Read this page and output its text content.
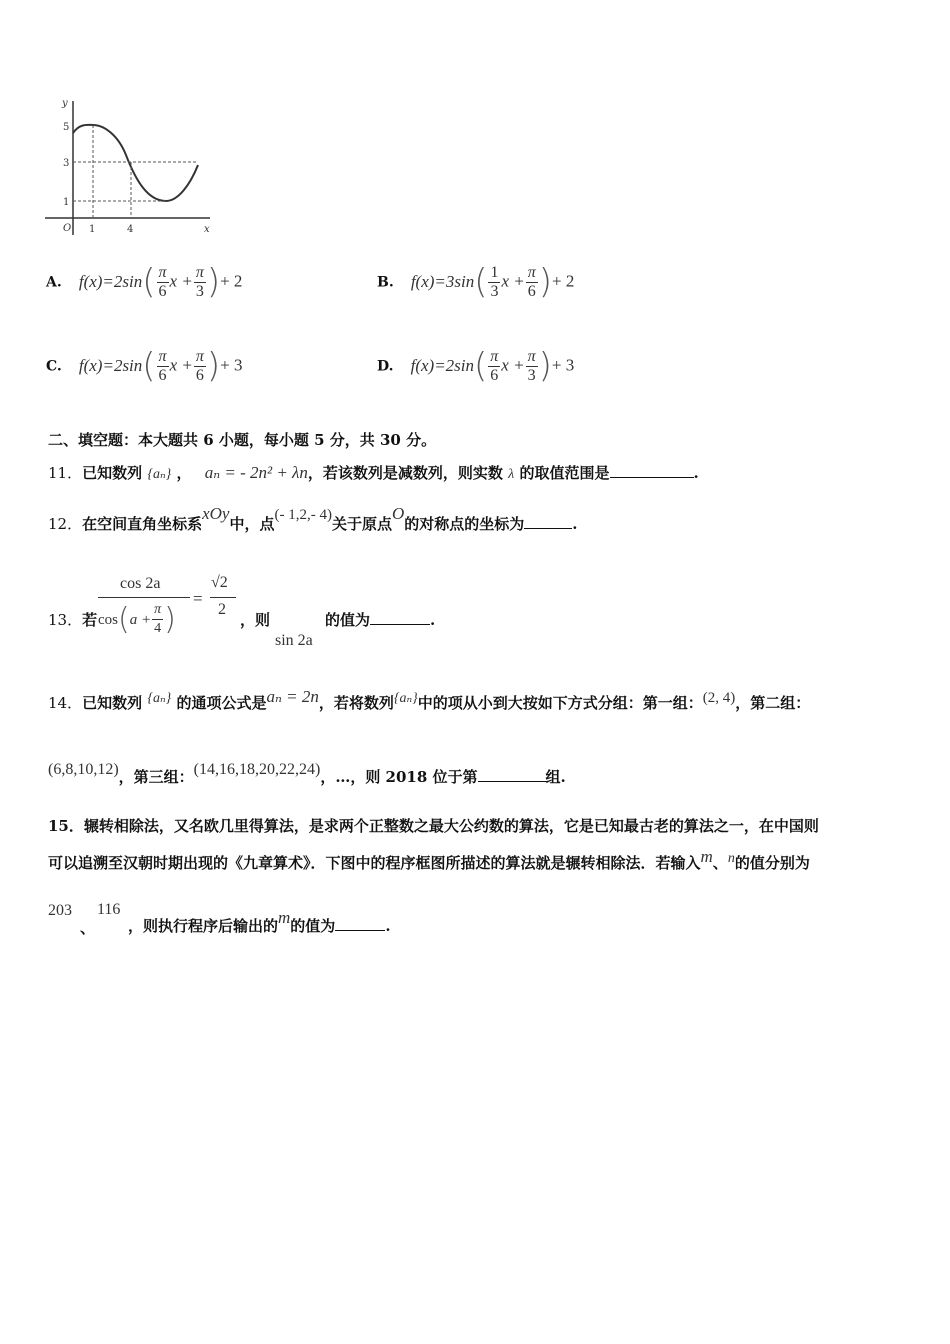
y
x
O
5
3
1
1	4
A. $f(x)=2\sin( \frac{\pi}{6}$ $x + \frac{\pi}{3}$ )+ 2	B. $f(x)=3\sin( \frac{1}{3}$ $x + \frac{\pi}{6}$ )+ 2
C. $f(x)=2\sin( \frac{\pi}{6}$ $x + \frac{\pi}{6}$ )+ 3	D. $f(x)=2\sin( \frac{\pi}{6}$ $x + \frac{\pi}{3}$ )+ 3
二、填空题：本大题共 6 小题，每小题 5 分，共 30 分。
11．已知数列 {aₙ} ， aₙ = - 2n² + λn，若该数列是减数列，则实数 λ 的取值范围是	.
12．在空间直角坐标系xOy中，点(- 1,2,- 4)关于原点O的对称点的坐标为	.
13．若
cos 2a
$\cos(a + \frac{\pi}{4}$ )
=
√2
2
，则
sin 2a
的值为	.
14．已知数列 {aₙ} 的通项公式是aₙ = 2n，若将数列{aₙ}中的项从小到大按如下方式分组：第一组：(2, 4)，第二组：
(6,8,10,12)，第三组：(14,16,18,20,22,24)，…，则 2018 位于第	组.
15．辗转相除法，又名欧几里得算法，是求两个正整数之最大公约数的算法，它是已知最古老的算法之一，在中国则
可以追溯至汉朝时期出现的《九章算术》．下图中的程序框图所描述的算法就是辗转相除法．若输入m、n的值分别为
203
、
116
，则执行程序后输出的m的值为	.
